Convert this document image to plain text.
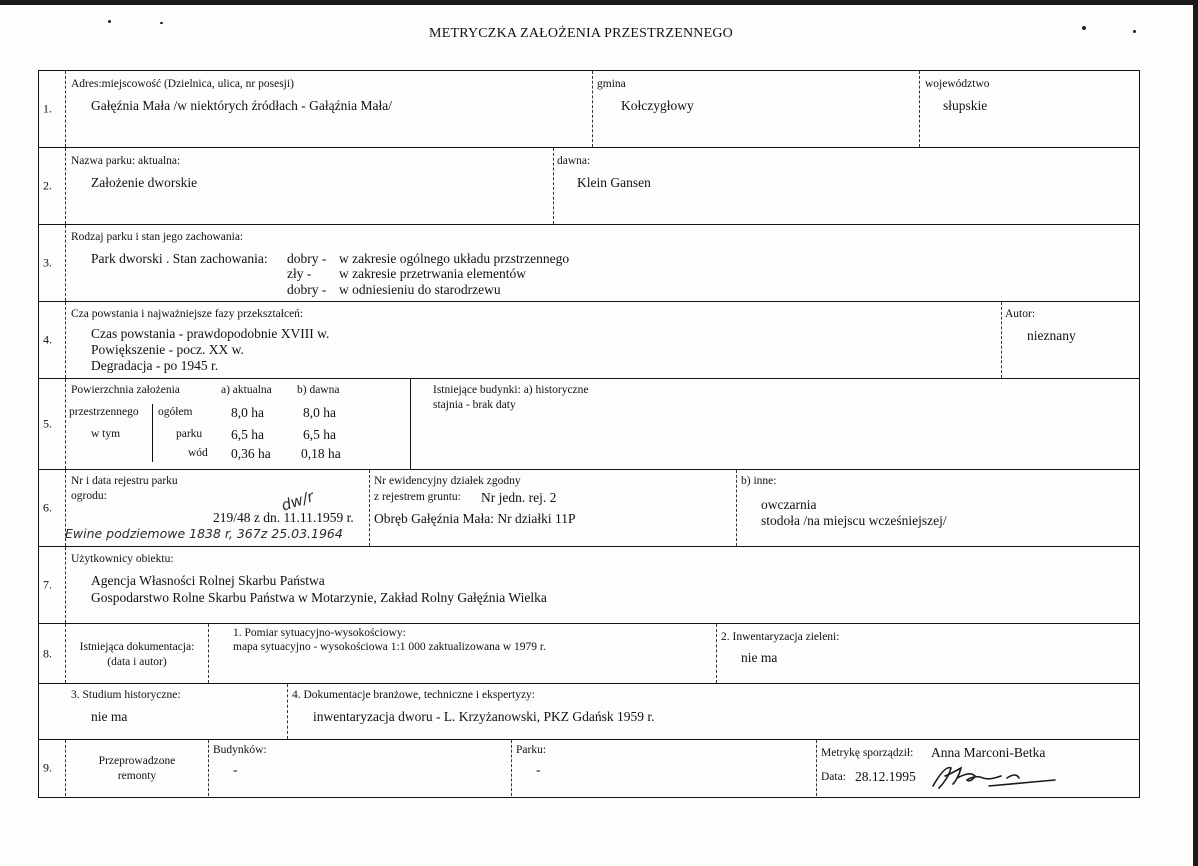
METRYCZKA ZAŁOŻENIA PRZESTRZENNEGO
1.
Adres:miejscowość (Dzielnica, ulica, nr posesji)
Gałęźnia Mała /w niektórych źródłach - Gałąźnia Mała/
gmina
Kołczygłowy
województwo
słupskie
2.
Nazwa parku: aktualna:
Założenie dworskie
dawna:
Klein Gansen
3.
Rodzaj parku i stan jego zachowania:
Park dworski . Stan zachowania: dobry - w zakresie ogólnego układu przstrzennego
zły - w zakresie przetrwania elementów
dobry - w odniesieniu do starodrzewu
4.
Cza powstania i najważniejsze fazy przekształceń:
Czas powstania - prawdopodobnie XVIII w.
Powiększenie - pocz. XX w.
Degradacja - po 1945 r.
Autor:
nieznany
5.
Powierzchnia założenia	a) aktualna b) dawna
przestrzennego ogółem	8,0 ha	8,0 ha
w tym	parku 6,5 ha	6,5 ha
wód 0,36 ha 0,18 ha
Istniejące budynki: a) historyczne
stajnia - brak daty
6.
Nr i data rejestru parku
ogrodu:
219/48 z dn. 11.11.1959 r.
dw/r
Ewine podziemowe 1838 r, 367z 25.03.1964
Nr ewidencyjny działek zgodny
z rejestrem gruntu: Nr jedn. rej. 2
Obręb Gałęźnia Mała: Nr działki 11P
b) inne:
owczarnia
stodoła /na miejscu wcześniejszej/
7.
Użytkownicy obiektu:
Agencja Własności Rolnej Skarbu Państwa
Gospodarstwo Rolne Skarbu Państwa w Motarzynie, Zakład Rolny Gałęźnia Wielka
8.	Istniejąca dokumentacja:
(data i autor)
1. Pomiar sytuacyjno-wysokościowy:
mapa sytuacyjno - wysokościowa 1:1 000 zaktualizowana w 1979 r.
2. Inwentaryzacja zieleni:
nie ma
3. Studium historyczne:
nie ma
4. Dokumentacje branżowe, techniczne i ekspertyzy:
inwentaryzacja dworu - L. Krzyżanowski, PKZ Gdańsk 1959 r.
9.	Przeprowadzone
remonty
Budynków:
-
Parku:
-
Metrykę sporządził: Anna Marconi-Betka
Data: 28.12.1995
